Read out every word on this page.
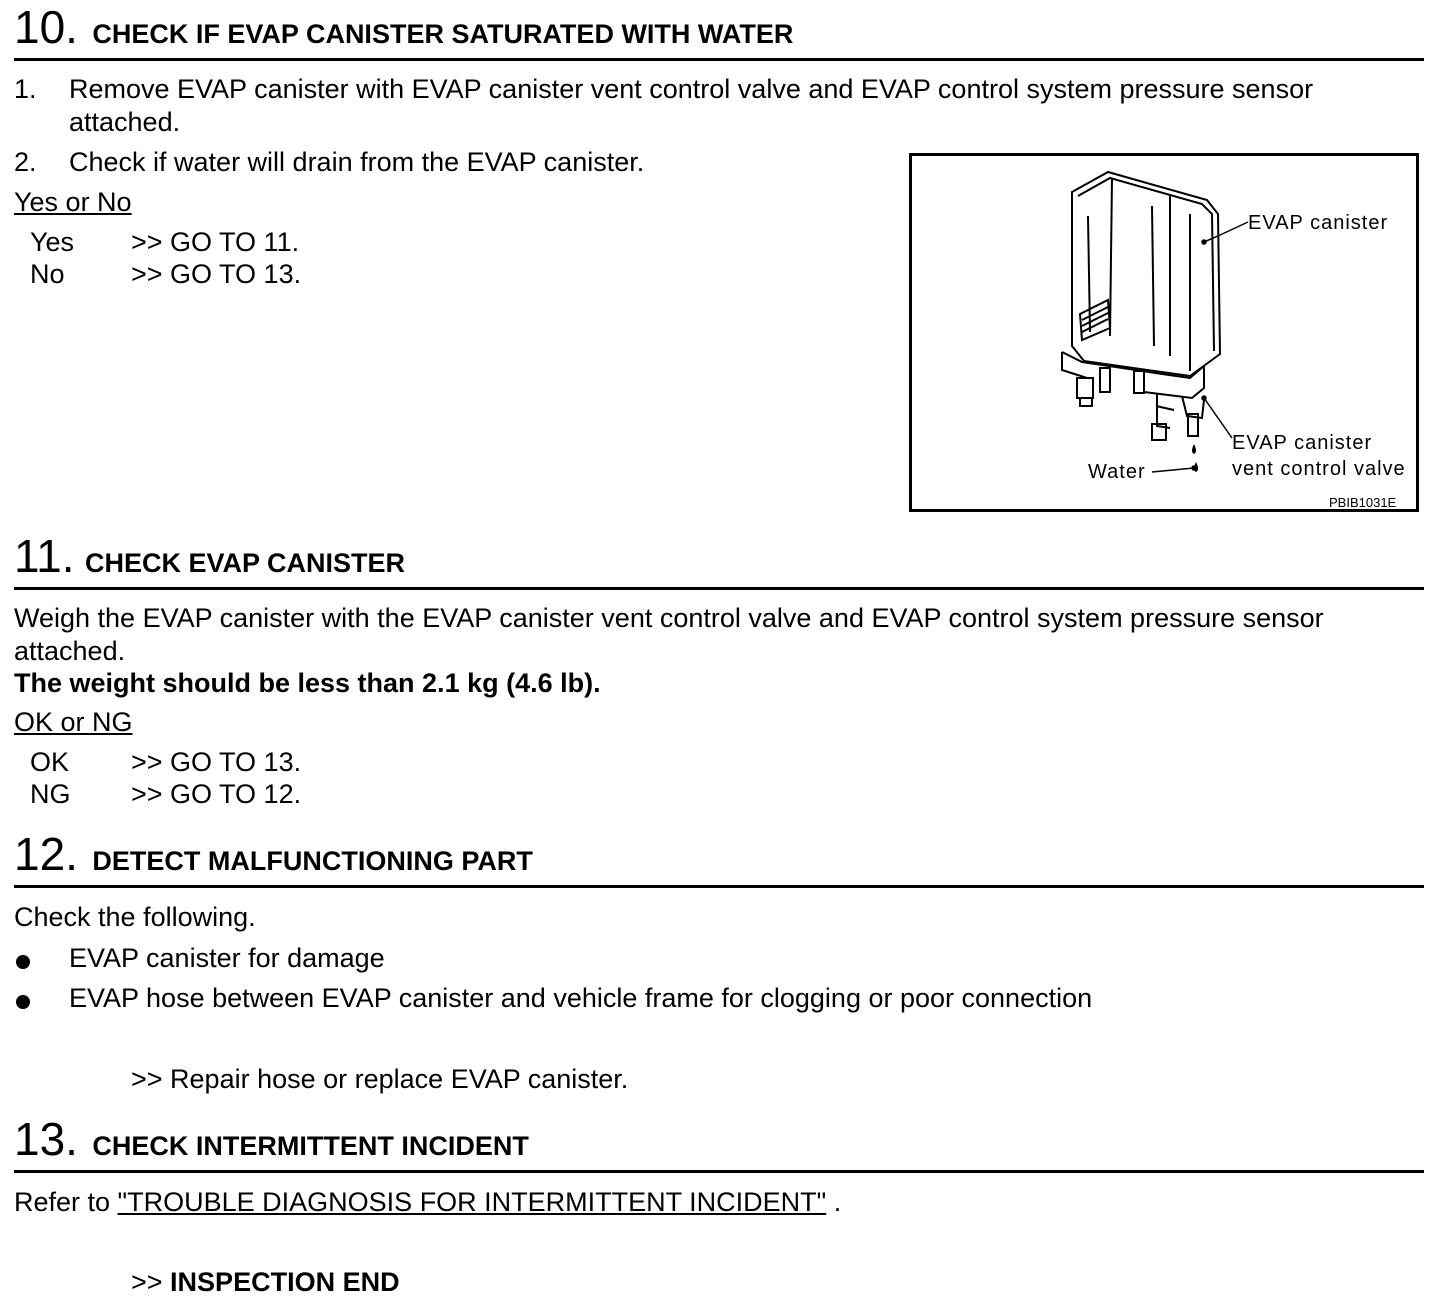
10. CHECK IF EVAP CANISTER SATURATED WITH WATER
1. Remove EVAP canister with EVAP canister vent control valve and EVAP control system pressure sensor
attached.
2. Check if water will drain from the EVAP canister.
Yes or No
Yes >> GO TO 11.
No >> GO TO 13.
EVAP canister
EVAP canister
vent control valve
Water
PBIB1031E
11. CHECK EVAP CANISTER
Weigh the EVAP canister with the EVAP canister vent control valve and EVAP control system pressure sensor
attached.
The weight should be less than 2.1 kg (4.6 lb).
OK or NG
OK >> GO TO 13.
NG >> GO TO 12.
12. DETECT MALFUNCTIONING PART
Check the following.
EVAP canister for damage
EVAP hose between EVAP canister and vehicle frame for clogging or poor connection
>> Repair hose or replace EVAP canister.
13. CHECK INTERMITTENT INCIDENT
Refer to "TROUBLE DIAGNOSIS FOR INTERMITTENT INCIDENT" .
>> INSPECTION END
